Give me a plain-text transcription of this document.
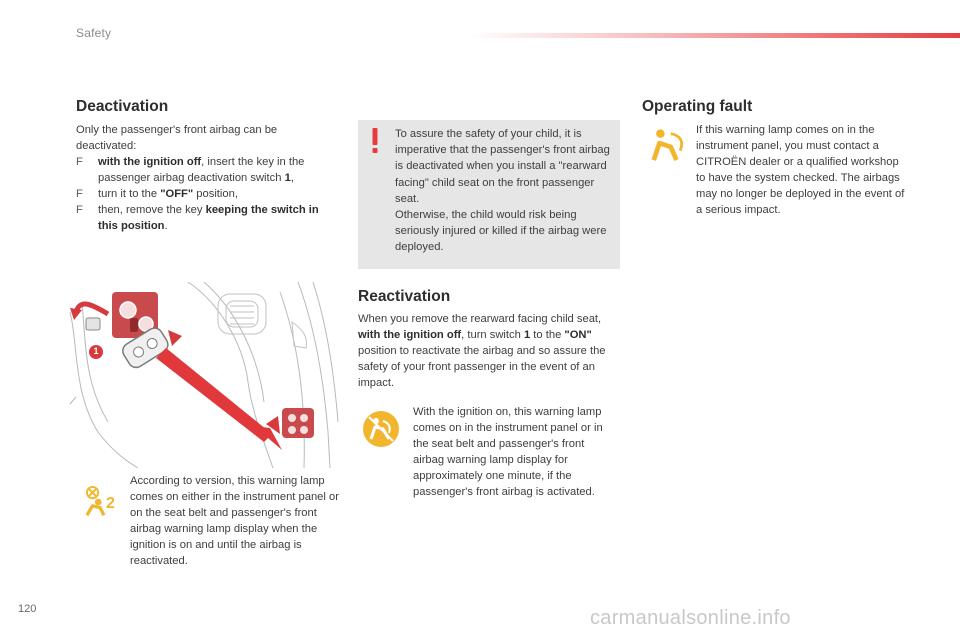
Safety
Deactivation

Only the passenger's front airbag can be deactivated:

F with the ignition off, insert the key in the passenger airbag deactivation switch 1,

F turn it to the "OFF" position,

F then, remove the key keeping the switch in this position.

To assure the safety of your child, it is imperative that the passenger's front airbag is deactivated when you install a "rearward facing" child seat on the front passenger seat.
Otherwise, the child would risk being seriously injured or killed if the airbag were deployed.
1
2
According to version, this warning lamp comes on either in the instrument panel or on the seat belt and passenger's front airbag warning lamp display when the ignition is on and until the airbag is reactivated.
Reactivation
When you remove the rearward facing child seat, with the ignition off, turn switch 1 to the "ON" position to reactivate the airbag and so assure the safety of your front passenger in the event of an impact.
With the ignition on, this warning lamp comes on in the instrument panel or in the seat belt and passenger's front airbag warning lamp display for approximately one minute, if the passenger's front airbag is activated.
Operating fault
If this warning lamp comes on in the instrument panel, you must contact a CITROËN dealer or a qualified workshop to have the system checked. The airbags may no longer be deployed in the event of a serious impact.
120	carmanualsonline.info
